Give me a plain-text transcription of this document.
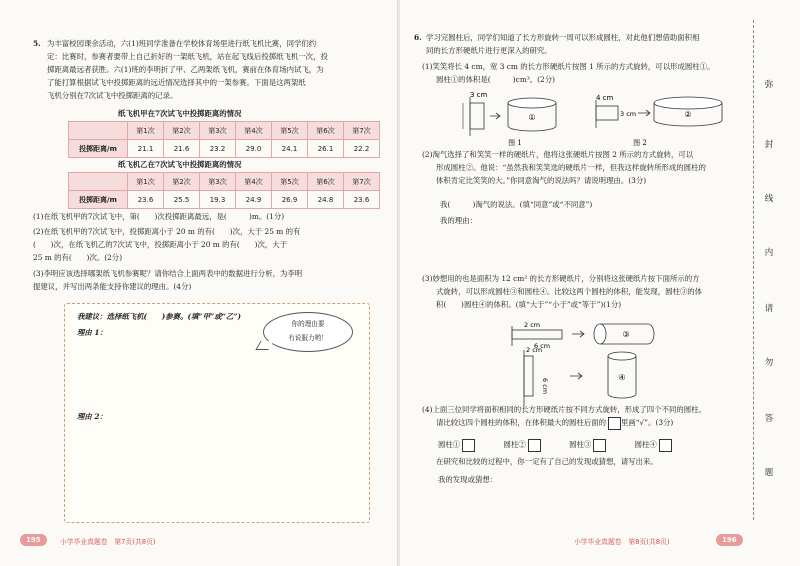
5. 为丰富校园课余活动，六(1)班同学准备在学校体育场里进行纸飞机比赛，同学们约
定：比赛时，参赛者要带上自己折好的一架纸飞机，站在起飞线后投掷纸飞机一次，投
掷距离最远者获胜。六(1)班的李明折了甲、乙两架纸飞机，赛前在体育场内试飞，为
了能打算根据试飞中投掷距离的远近情况选择其中的一架参赛。下面是这两架纸
飞机分别在7次试飞中投掷距离的记录。
纸飞机甲在7次试飞中投掷距离的情况
	第1次	第2次	第3次	第4次	第5次	第6次	第7次
投掷距离/m	21.1	21.6	23.2	29.0	24.1	26.1	22.2
纸飞机乙在7次试飞中投掷距离的情况
	第1次	第2次	第3次	第4次	第5次	第6次	第7次
投掷距离/m	23.6	25.5	19.3	24.9	26.9	24.8	23.6
(1)在纸飞机甲的7次试飞中，第(　　)次投掷距离最远，是(　　　)m。(1分)
(2)在纸飞机甲的7次试飞中，投掷距离小于 20 m 的有(　　)次，大于 25 m 的有
(　　)次，在纸飞机乙的7次试飞中，投掷距离小于 20 m 的有(　　)次，大于
25 m 的有(　　)次。(2分)
(3)李明应该选择哪架纸飞机参赛呢？请你结合上面两表中的数据进行分析，为李明
提建议，并写出两条能支持你建议的理由。(4分)
我建议：选择纸飞机(　　)参赛。(填“甲”或“乙”)
理由 1：
理由 2：
你的理由要
有说服力哟！
195	小学毕业真题卷　第7页(共8页)
6. 学习完圆柱后，同学们知道了长方形旋转一周可以形成圆柱，对此他们想借助面积相
同的长方形硬纸片进行更深入的研究。
(1)笑笑将长 4 cm，宽 3 cm 的长方形硬纸片按图 1 所示的方式旋转，可以形成圆柱①。
圆柱①的体积是(　　　)cm³。(2分)
3 cm
①
图 1
4 cm
3 cm	②
图 2
(2)淘气选择了和笑笑一样的硬纸片，他将这张硬纸片按图 2 所示的方式旋转，可以
形成圆柱②。他说：“虽然我和笑笑选的硬纸片一样，但我这样旋转所形成的圆柱的
体积肯定比笑笑的大。”你同意淘气的说法吗？请说明理由。(3分)
我(　　　)淘气的说法。(填“同意”或“不同意”)
我的理由：
(3)妙想用的也是面积为 12 cm² 的长方形硬纸片，分别将这张硬纸片按下面所示的方
式旋转，可以形成圆柱③和圆柱④。比较这两个圆柱的体积，能发现，圆柱③的体
积(　　)圆柱④的体积。(填“大于”“小于”或“等于”)(1分)
2 cm
6 cm
③
2 cm
6 cm
④
(4)上面三位同学将面积相同的长方形硬纸片按不同方式旋转，形成了四个不同的圆柱。
请比较这四个圆柱的体积，在体积最大的圆柱后面的 里画“√”。(3分)
圆柱①	圆柱②	圆柱③	圆柱④
在研究和比较的过程中，你一定有了自己的发现或猜想，请写出来。
我的发现或猜想：
弥
封
线
内
请
勿
答
题
小学毕业真题卷　第8页(共8页)	196
